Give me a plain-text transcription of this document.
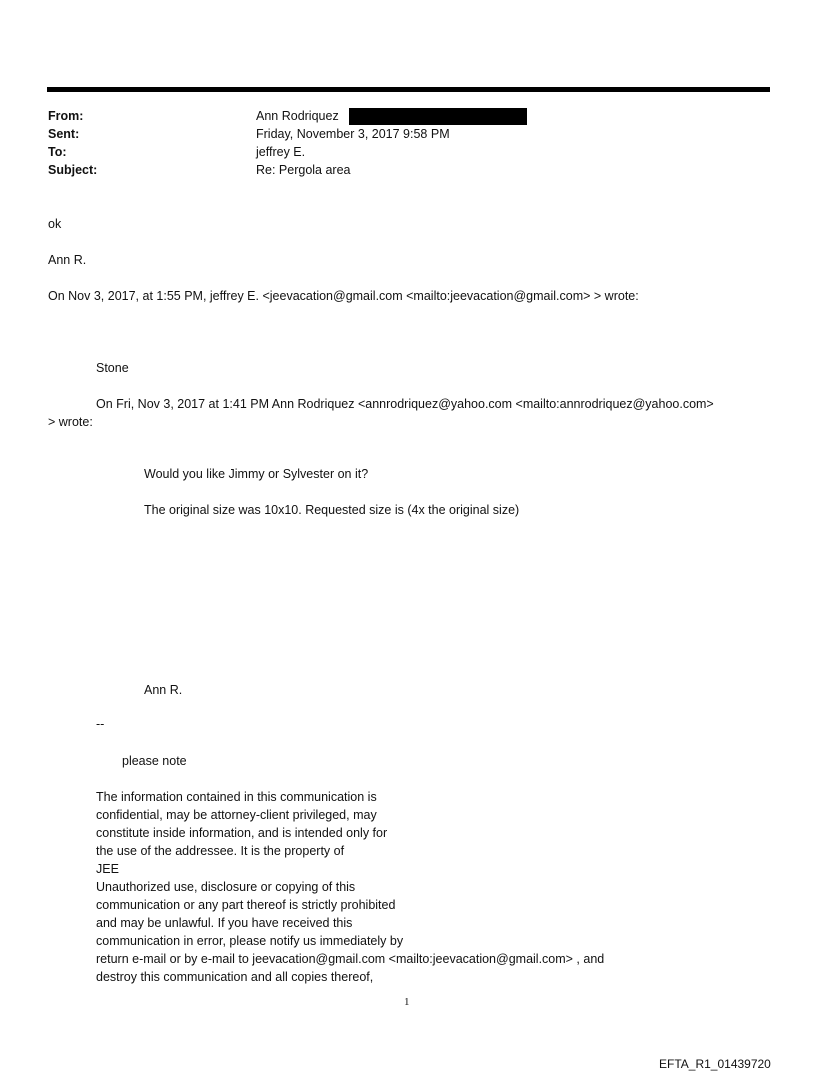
From:	Ann Rodriquez
Sent:	Friday, November 3, 2017 9:58 PM
To:	jeffrey E.
Subject:	Re: Pergola area
ok
Ann R.
On Nov 3, 2017, at 1:55 PM, jeffrey E. <jeevacation@gmail.com <mailto:jeevacation@gmail.com> > wrote:
Stone
On Fri, Nov 3, 2017 at 1:41 PM Ann Rodriquez <annrodriquez@yahoo.com <mailto:annrodriquez@yahoo.com>
> wrote:
Would you like Jimmy or Sylvester on it?
The original size was 10x10. Requested size is (4x the original size)
Ann R.
--
please note
The information contained in this communication is
confidential, may be attorney-client privileged, may
constitute inside information, and is intended only for
the use of the addressee. It is the property of
JEE
Unauthorized use, disclosure or copying of this
communication or any part thereof is strictly prohibited
and may be unlawful. If you have received this
communication in error, please notify us immediately by
return e-mail or by e-mail to jeevacation@gmail.com <mailto:jeevacation@gmail.com> , and
destroy this communication and all copies thereof,
1
EFTA_R1_01439720
